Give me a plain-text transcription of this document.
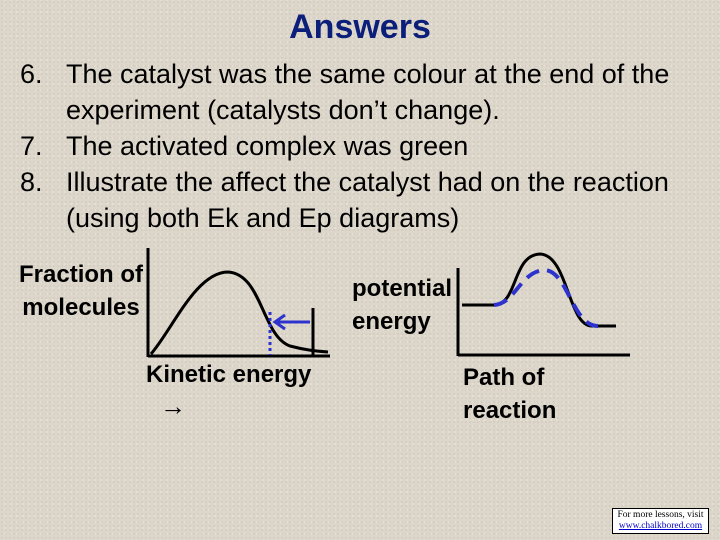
Answers
6. The catalyst was the same colour at the end of the experiment (catalysts don’t change).
7. The activated complex was green
8. Illustrate the affect the catalyst had on the reaction (using both Ek and Ep diagrams)
Fraction of molecules
Kinetic energy
→
potential energy
Path of reaction
For more lessons, visit
www.chalkbored.com
